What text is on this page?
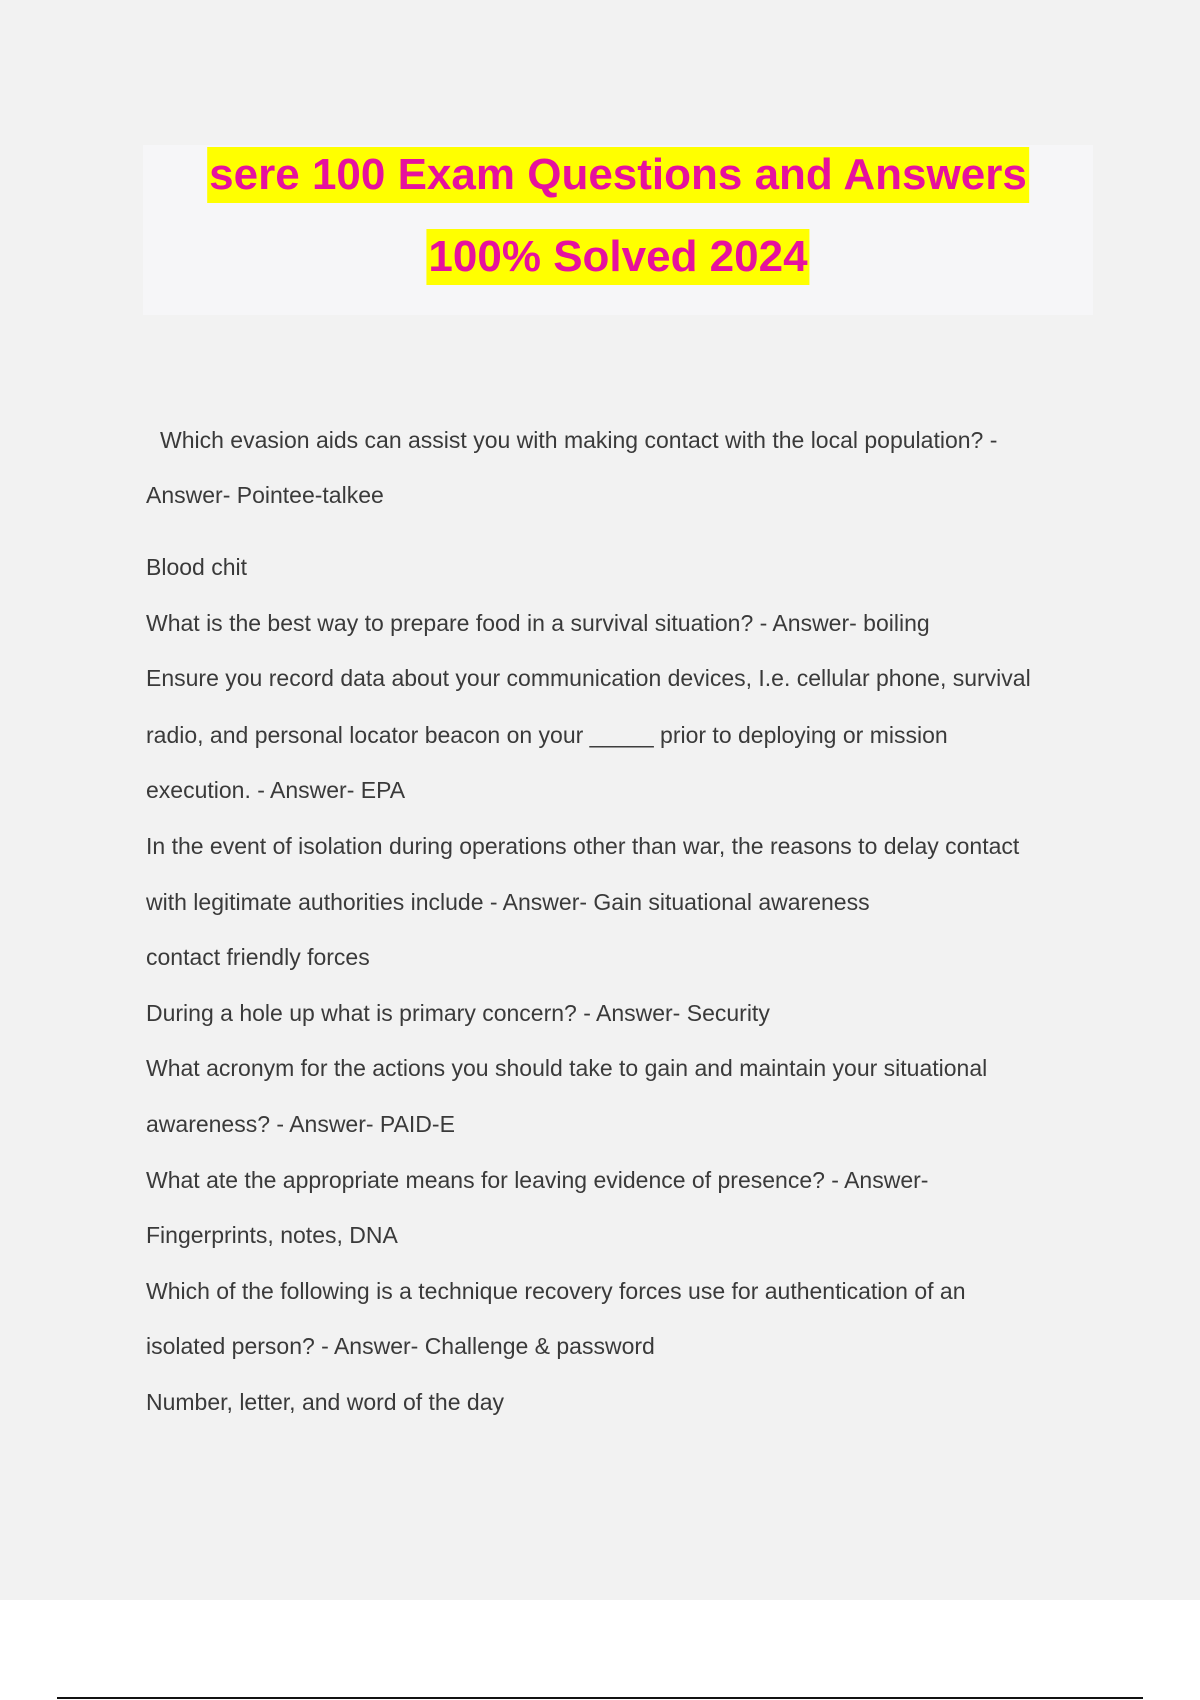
sere 100 Exam Questions and Answers
100% Solved 2024
Which evasion aids can assist you with making contact with the local population? -
Answer- Pointee-talkee
Blood chit
What is the best way to prepare food in a survival situation? - Answer- boiling
Ensure you record data about your communication devices, I.e. cellular phone, survival
radio, and personal locator beacon on your _____ prior to deploying or mission
execution. - Answer- EPA
In the event of isolation during operations other than war, the reasons to delay contact
with legitimate authorities include - Answer- Gain situational awareness
contact friendly forces
During a hole up what is primary concern? - Answer- Security
What acronym for the actions you should take to gain and maintain your situational
awareness? - Answer- PAID-E
What ate the appropriate means for leaving evidence of presence? - Answer-
Fingerprints, notes, DNA
Which of the following is a technique recovery forces use for authentication of an
isolated person? - Answer- Challenge & password
Number, letter, and word of the day
